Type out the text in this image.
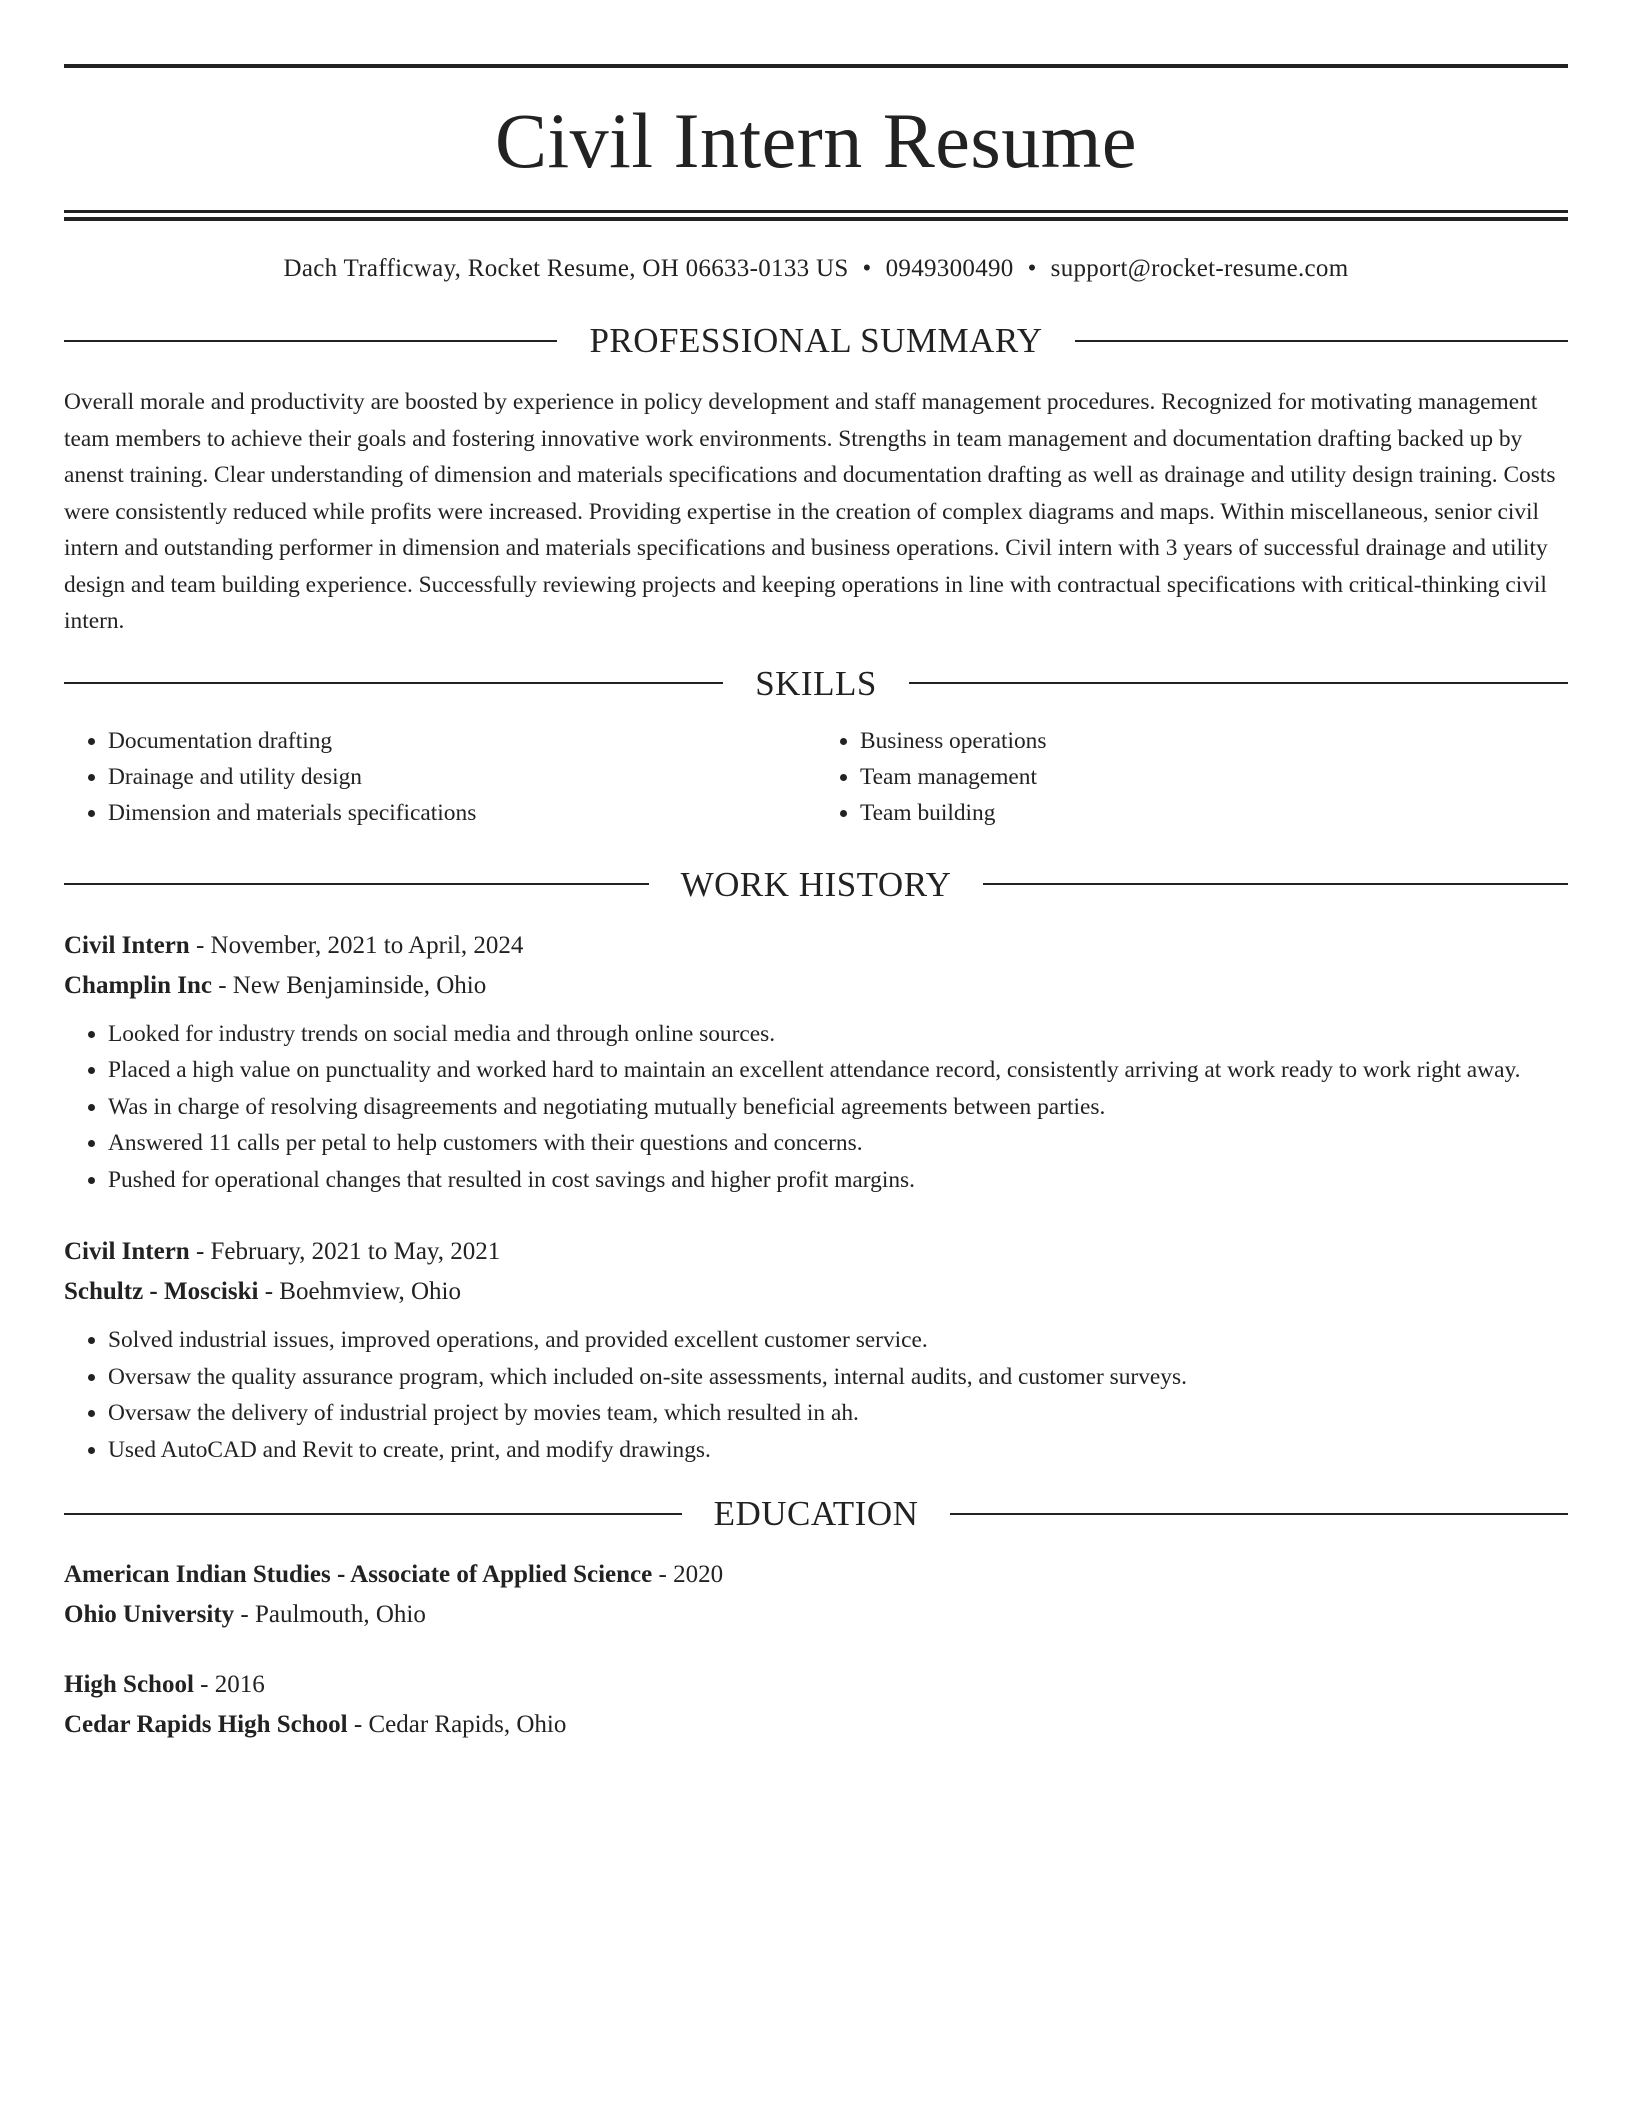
Civil Intern Resume
Dach Trafficway, Rocket Resume, OH 06633-0133 US • 0949300490 • support@rocket-resume.com
PROFESSIONAL SUMMARY

Overall morale and productivity are boosted by experience in policy development and staff management procedures. Recognized for motivating management team members to achieve their goals and fostering innovative work environments. Strengths in team management and documentation drafting backed up by anenst training. Clear understanding of dimension and materials specifications and documentation drafting as well as drainage and utility design training. Costs were consistently reduced while profits were increased. Providing expertise in the creation of complex diagrams and maps. Within miscellaneous, senior civil intern and outstanding performer in dimension and materials specifications and business operations. Civil intern with 3 years of successful drainage and utility design and team building experience. Successfully reviewing projects and keeping operations in line with contractual specifications with critical-thinking civil intern.

SKILLS
• Documentation drafting
• Drainage and utility design
• Dimension and materials specifications
• Business operations
• Team management
• Team building
WORK HISTORY
Civil Intern - November, 2021 to April, 2024
Champlin Inc - New Benjaminside, Ohio
• Looked for industry trends on social media and through online sources.
• Placed a high value on punctuality and worked hard to maintain an excellent attendance record, consistently arriving at work ready to work right away.
• Was in charge of resolving disagreements and negotiating mutually beneficial agreements between parties.
• Answered 11 calls per petal to help customers with their questions and concerns.
• Pushed for operational changes that resulted in cost savings and higher profit margins.
Civil Intern - February, 2021 to May, 2021
Schultz - Mosciski - Boehmview, Ohio
• Solved industrial issues, improved operations, and provided excellent customer service.
• Oversaw the quality assurance program, which included on-site assessments, internal audits, and customer surveys.
• Oversaw the delivery of industrial project by movies team, which resulted in ah.
• Used AutoCAD and Revit to create, print, and modify drawings.
EDUCATION
American Indian Studies - Associate of Applied Science - 2020
Ohio University - Paulmouth, Ohio
High School - 2016
Cedar Rapids High School - Cedar Rapids, Ohio
